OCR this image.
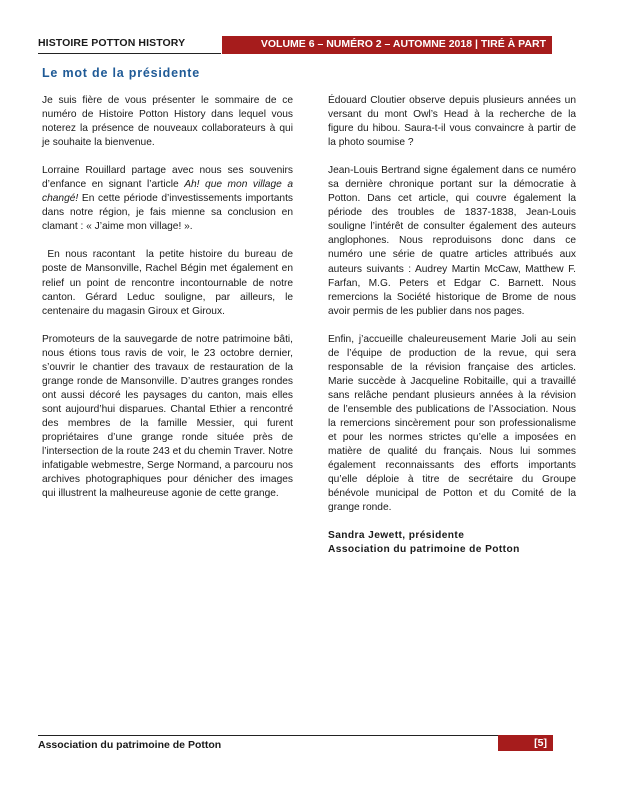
HISTOIRE POTTON HISTORY	VOLUME 6 – NUMÉRO 2 – AUTOMNE 2018 | TIRÉ À PART
Le mot de la présidente

Je suis fière de vous présenter le sommaire de ce numéro de Histoire Potton History dans lequel vous noterez la présence de nouveaux collaborateurs à qui je souhaite la bienvenue.

Lorraine Rouillard partage avec nous ses souvenirs d’enfance en signant l’article Ah! que mon village a changé! En cette période d’investissements importants dans notre région, je fais mienne sa conclusion en clamant : « J’aime mon village! ».

En nous racontant  la petite histoire du bureau de poste de Mansonville, Rachel Bégin met également en relief un point de rencontre incontournable de notre canton. Gérard Leduc souligne, par ailleurs, le centenaire du magasin Giroux et Giroux.

Promoteurs de la sauvegarde de notre patrimoine bâti, nous étions tous ravis de voir, le 23 octobre dernier, s’ouvrir le chantier des travaux de restauration de la grange ronde de Mansonville. D’autres granges rondes ont aussi décoré les paysages du canton, mais elles sont aujourd’hui disparues. Chantal Ethier a rencontré des membres de la famille Messier, qui furent propriétaires d’une grange ronde située près de l’intersection de la route 243 et du chemin Traver. Notre infatigable webmestre, Serge Normand, a parcouru nos archives photographiques pour dénicher des images qui illustrent la malheureuse agonie de cette grange.

Édouard Cloutier observe depuis plusieurs années un versant du mont Owl’s Head à la recherche de la figure du hibou. Saura-t-il vous convaincre à partir de la photo soumise ?

Jean-Louis Bertrand signe également dans ce numéro sa dernière chronique portant sur la démocratie à Potton. Dans cet article, qui couvre également la période des troubles de 1837-1838, Jean-Louis souligne l’intérêt de consulter également des auteurs anglophones. Nous reproduisons donc dans ce numéro une série de quatre articles attribués aux auteurs suivants : Audrey Martin McCaw, Matthew F. Farfan, M.G. Peters et Edgar C. Barnett. Nous remercions la Société historique de Brome de nous avoir permis de les publier dans nos pages.

Enfin, j’accueille chaleureusement Marie Joli au sein de l’équipe de production de la revue, qui sera responsable de la révision française des articles. Marie succède à Jacqueline Robitaille, qui a travaillé sans relâche pendant plusieurs années à la révision de l’ensemble des publications de l’Association. Nous la remercions sincèrement pour son professionalisme et pour les normes strictes qu’elle a imposées en matière de qualité du français. Nous lui sommes également reconnaissants des efforts importants qu’elle déploie à titre de secrétaire du Groupe bénévole municipal de Potton et du Comité de la grange ronde.

Sandra Jewett, présidente
Association du patrimoine de Potton

Association du patrimoine de Potton	[5]
